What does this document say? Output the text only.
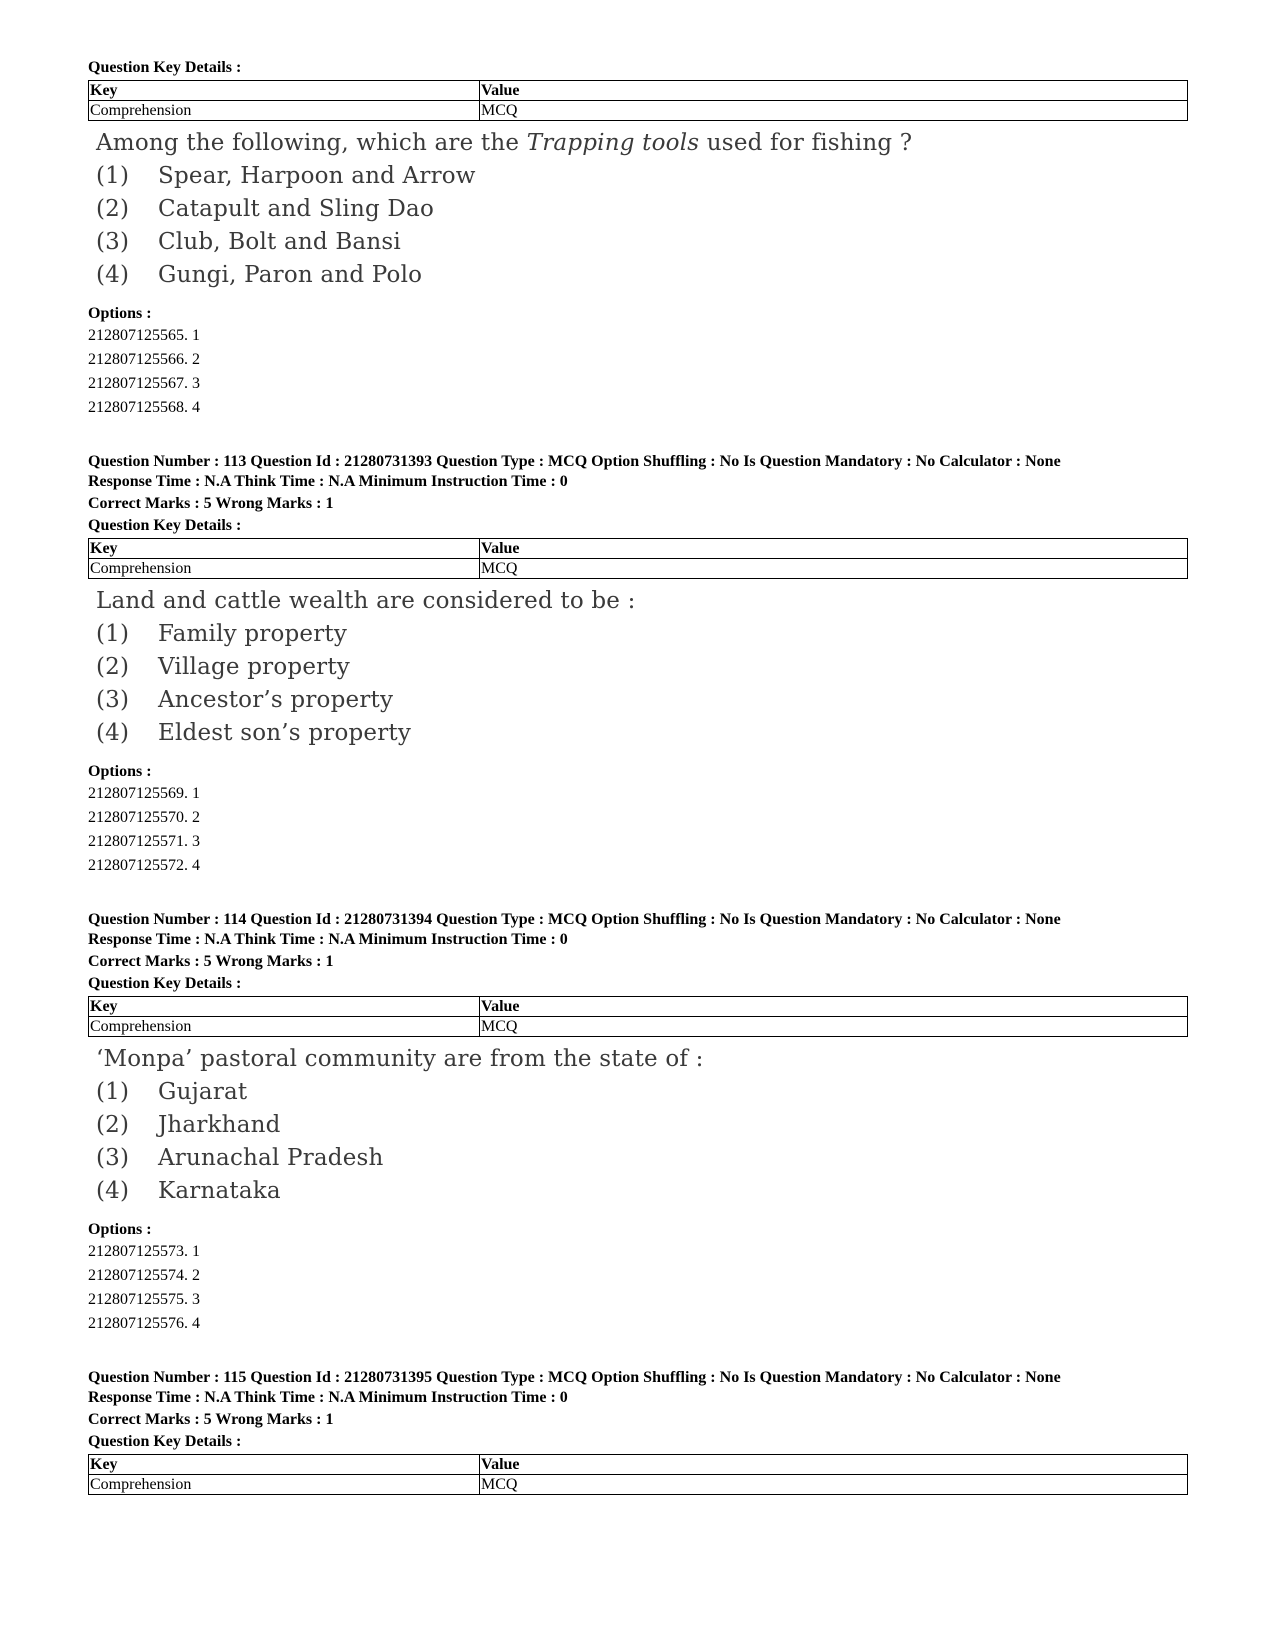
Question Key Details :
Key	Value
Comprehension	MCQ
Among the following, which are the Trapping tools used for fishing ?
(1)	Spear, Harpoon and Arrow
(2)	Catapult and Sling Dao
(3)	Club, Bolt and Bansi
(4)	Gungi, Paron and Polo
Options :
212807125565. 1
212807125566. 2
212807125567. 3
212807125568. 4
Question Number : 113 Question Id : 21280731393 Question Type : MCQ Option Shuffling : No Is Question Mandatory : No Calculator : None
Response Time : N.A Think Time : N.A Minimum Instruction Time : 0
Correct Marks : 5 Wrong Marks : 1
Question Key Details :
Key	Value
Comprehension	MCQ
Land and cattle wealth are considered to be :
(1)	Family property
(2)	Village property
(3)	Ancestor’s property
(4)	Eldest son’s property
Options :
212807125569. 1
212807125570. 2
212807125571. 3
212807125572. 4
Question Number : 114 Question Id : 21280731394 Question Type : MCQ Option Shuffling : No Is Question Mandatory : No Calculator : None
Response Time : N.A Think Time : N.A Minimum Instruction Time : 0
Correct Marks : 5 Wrong Marks : 1
Question Key Details :
Key	Value
Comprehension	MCQ
‘Monpa’ pastoral community are from the state of :
(1)	Gujarat
(2)	Jharkhand
(3)	Arunachal Pradesh
(4)	Karnataka
Options :
212807125573. 1
212807125574. 2
212807125575. 3
212807125576. 4
Question Number : 115 Question Id : 21280731395 Question Type : MCQ Option Shuffling : No Is Question Mandatory : No Calculator : None
Response Time : N.A Think Time : N.A Minimum Instruction Time : 0
Correct Marks : 5 Wrong Marks : 1
Question Key Details :
Key	Value
Comprehension	MCQ
